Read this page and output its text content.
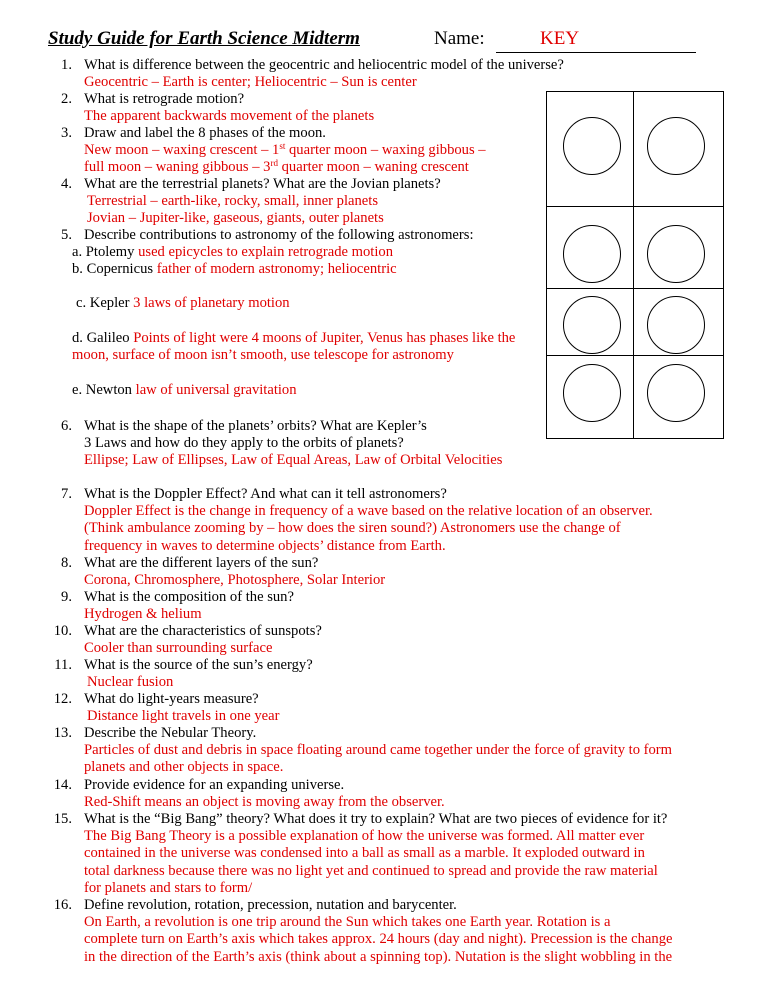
Study Guide for Earth Science Midterm	Name:	KEY
1. What is difference between the geocentric and heliocentric model of the universe?
Geocentric – Earth is center; Heliocentric – Sun is center
2. What is retrograde motion?
The apparent backwards movement of the planets
3. Draw and label the 8 phases of the moon.
New moon – waxing crescent – 1st quarter moon – waxing gibbous –
full moon – waning gibbous – 3rd quarter moon – waning crescent
4. What are the terrestrial planets? What are the Jovian planets?
Terrestrial – earth-like, rocky, small, inner planets
Jovian – Jupiter-like, gaseous, giants, outer planets
5. Describe contributions to astronomy of the following astronomers:
a. Ptolemy used epicycles to explain retrograde motion
b. Copernicus father of modern astronomy; heliocentric
c. Kepler 3 laws of planetary motion
d. Galileo Points of light were 4 moons of Jupiter, Venus has phases like the
moon, surface of moon isn’t smooth, use telescope for astronomy
e. Newton law of universal gravitation
6. What is the shape of the planets’ orbits? What are Kepler’s
3 Laws and how do they apply to the orbits of planets?
Ellipse; Law of Ellipses, Law of Equal Areas, Law of Orbital Velocities
7. What is the Doppler Effect? And what can it tell astronomers?
Doppler Effect is the change in frequency of a wave based on the relative location of an observer.
(Think ambulance zooming by – how does the siren sound?) Astronomers use the change of
frequency in waves to determine objects’ distance from Earth.
8. What are the different layers of the sun?
Corona, Chromosphere, Photosphere, Solar Interior
9. What is the composition of the sun?
Hydrogen & helium
10. What are the characteristics of sunspots?
Cooler than surrounding surface
11. What is the source of the sun’s energy?
Nuclear fusion
12. What do light-years measure?
Distance light travels in one year
13. Describe the Nebular Theory.
Particles of dust and debris in space floating around came together under the force of gravity to form
planets and other objects in space.
14. Provide evidence for an expanding universe.
Red-Shift means an object is moving away from the observer.
15. What is the “Big Bang” theory? What does it try to explain? What are two pieces of evidence for it?
The Big Bang Theory is a possible explanation of how the universe was formed. All matter ever
contained in the universe was condensed into a ball as small as a marble. It exploded outward in
total darkness because there was no light yet and continued to spread and provide the raw material
for planets and stars to form/
16. Define revolution, rotation, precession, nutation and barycenter.
On Earth, a revolution is one trip around the Sun which takes one Earth year. Rotation is a
complete turn on Earth’s axis which takes approx. 24 hours (day and night). Precession is the change
in the direction of the Earth’s axis (think about a spinning top). Nutation is the slight wobbling in the
